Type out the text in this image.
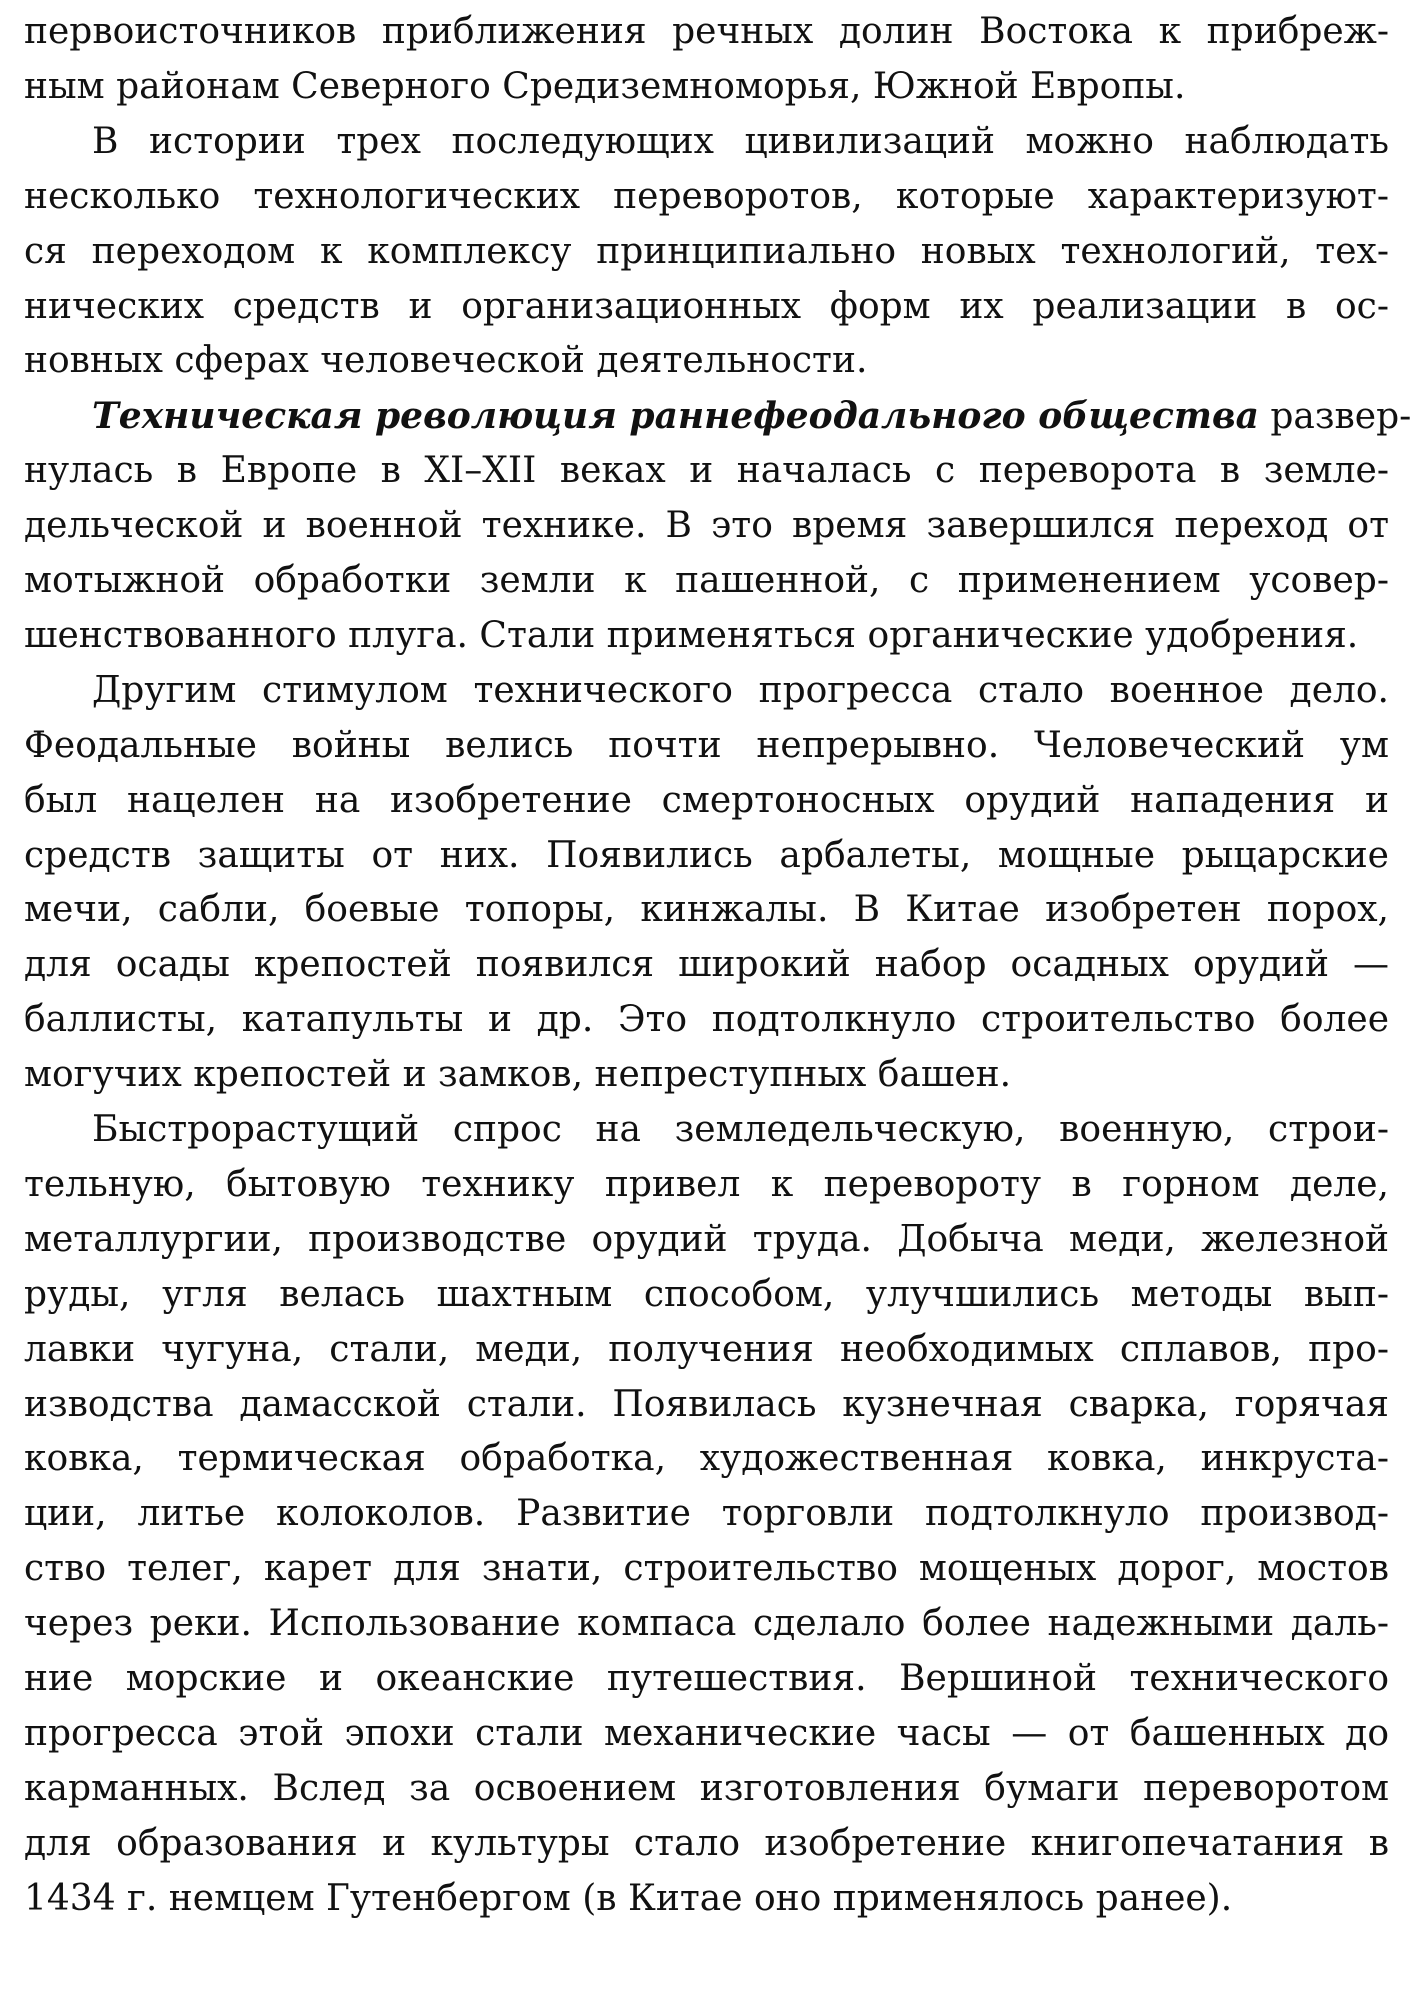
первоисточников приближения речных долин Востока к прибреж-
ным районам Северного Средиземноморья, Южной Европы.
В истории трех последующих цивилизаций можно наблюдать
несколько технологических переворотов, которые характеризуют-
ся переходом к комплексу принципиально новых технологий, тех-
нических средств и организационных форм их реализации в ос-
новных сферах человеческой деятельности.
Техническая революция раннефеодального общества развер-
нулась в Европе в XI–XII веках и началась с переворота в земле-
дельческой и военной технике. В это время завершился переход от
мотыжной обработки земли к пашенной, с применением усовер-
шенствованного плуга. Стали применяться органические удобрения.
Другим стимулом технического прогресса стало военное дело.
Феодальные войны велись почти непрерывно. Человеческий ум
был нацелен на изобретение смертоносных орудий нападения и
средств защиты от них. Появились арбалеты, мощные рыцарские
мечи, сабли, боевые топоры, кинжалы. В Китае изобретен порох,
для осады крепостей появился широкий набор осадных орудий —
баллисты, катапульты и др. Это подтолкнуло строительство более
могучих крепостей и замков, непреступных башен.
Быстрорастущий спрос на земледельческую, военную, строи-
тельную, бытовую технику привел к перевороту в горном деле,
металлургии, производстве орудий труда. Добыча меди, железной
руды, угля велась шахтным способом, улучшились методы вып-
лавки чугуна, стали, меди, получения необходимых сплавов, про-
изводства дамасской стали. Появилась кузнечная сварка, горячая
ковка, термическая обработка, художественная ковка, инкруста-
ции, литье колоколов. Развитие торговли подтолкнуло производ-
ство телег, карет для знати, строительство мощеных дорог, мостов
через реки. Использование компаса сделало более надежными даль-
ние морские и океанские путешествия. Вершиной технического
прогресса этой эпохи стали механические часы — от башенных до
карманных. Вслед за освоением изготовления бумаги переворотом
для образования и культуры стало изобретение книгопечатания в
1434 г. немцем Гутенбергом (в Китае оно применялось ранее).
